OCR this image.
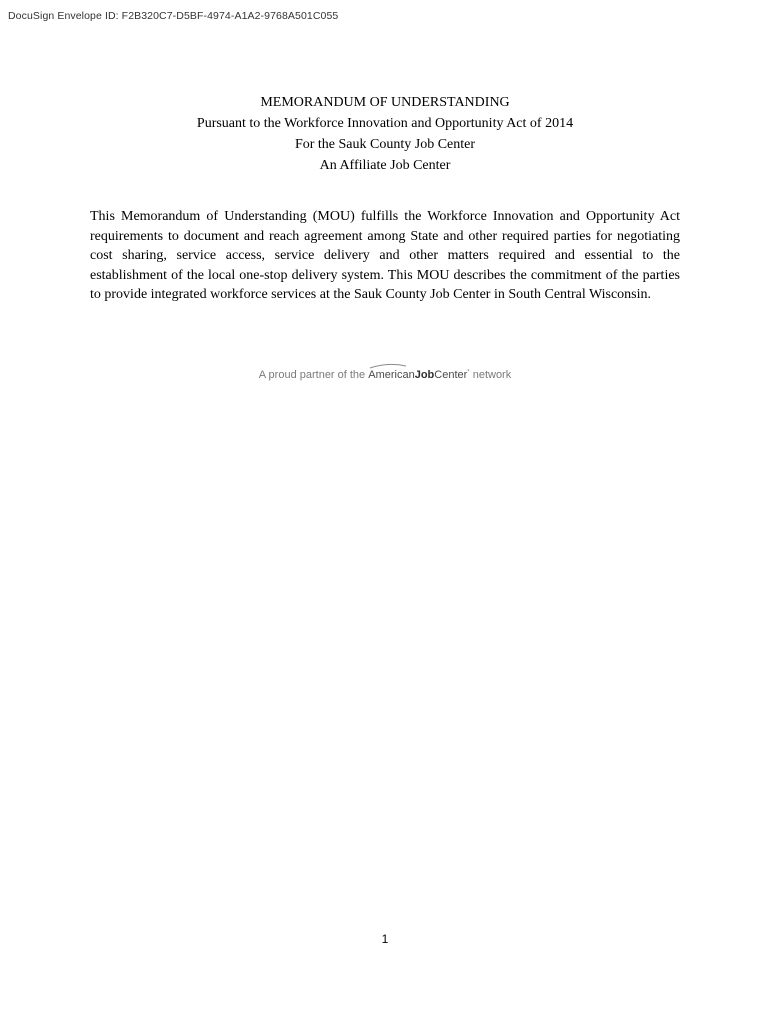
DocuSign Envelope ID: F2B320C7-D5BF-4974-A1A2-9768A501C055
MEMORANDUM OF UNDERSTANDING
Pursuant to the Workforce Innovation and Opportunity Act of 2014
For the Sauk County Job Center
An Affiliate Job Center
This Memorandum of Understanding (MOU) fulfills the Workforce Innovation and Opportunity Act requirements to document and reach agreement among State and other required parties for negotiating cost sharing, service access, service delivery and other matters required and essential to the establishment of the local one-stop delivery system. This MOU describes the commitment of the parties to provide integrated workforce services at the Sauk County Job Center in South Central Wisconsin.
A proud partner of the
AmericanJobCenter* network
1
